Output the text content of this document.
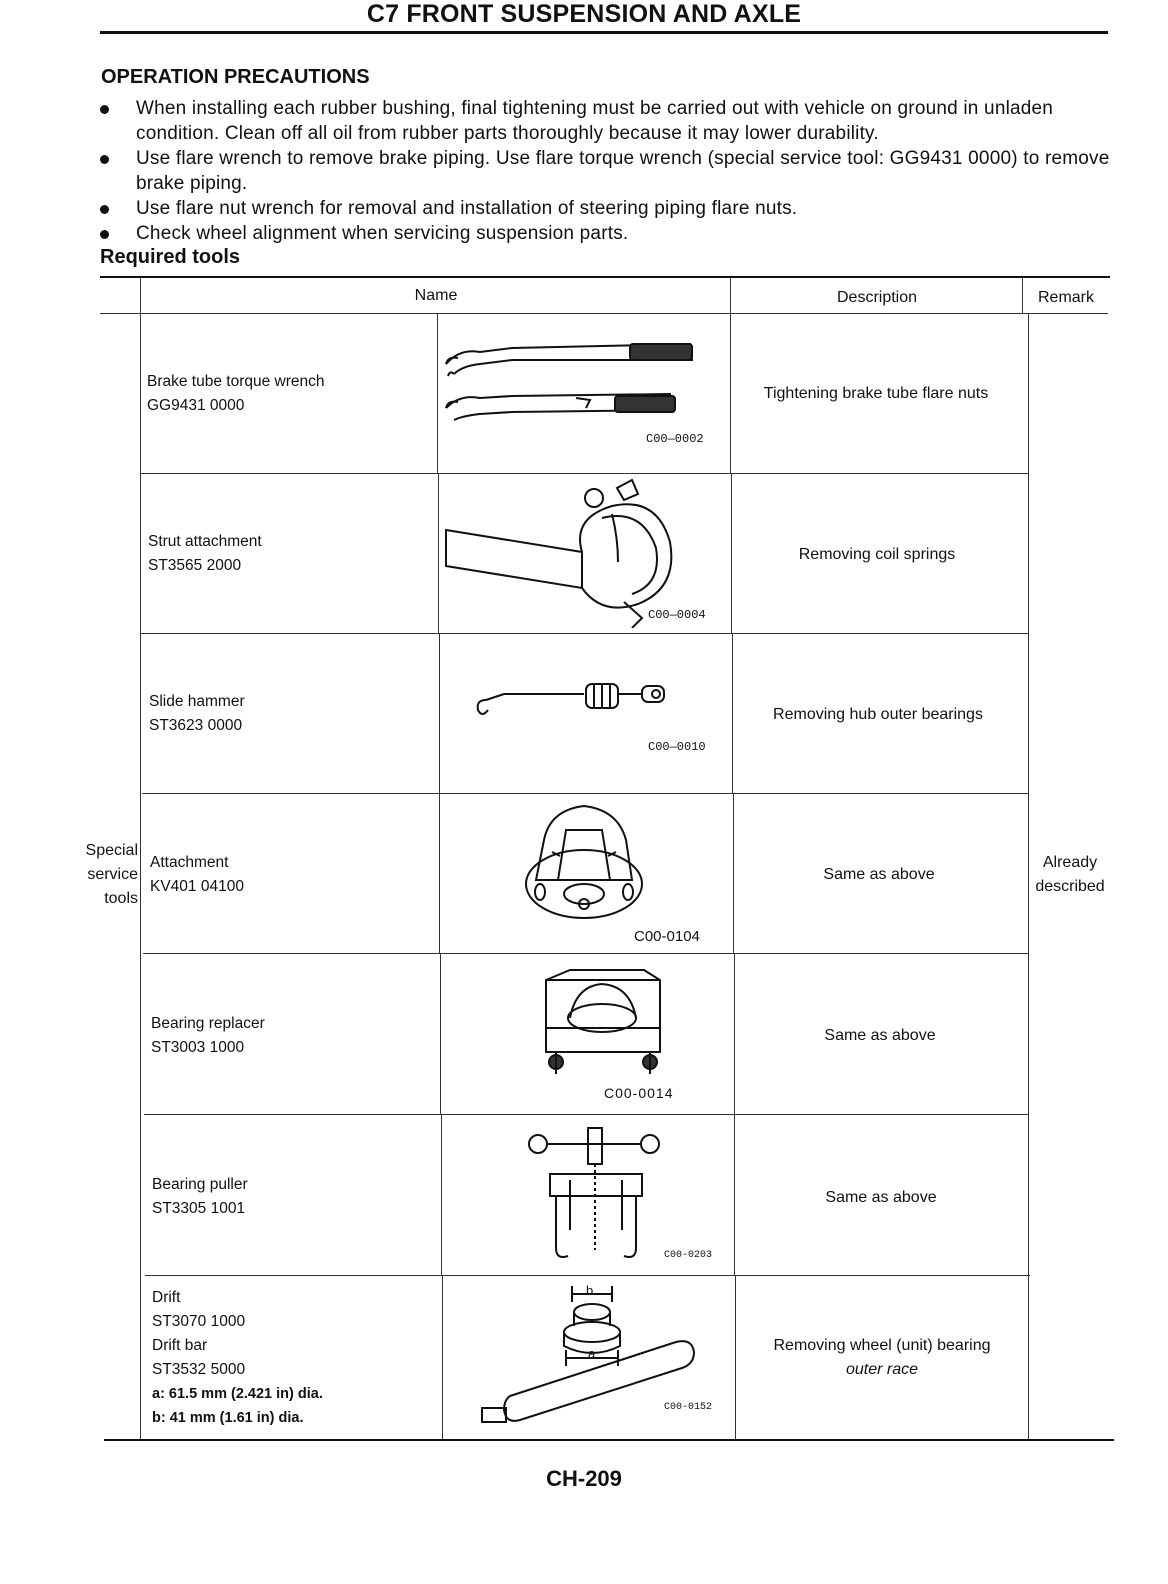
C7 FRONT SUSPENSION AND AXLE
OPERATION PRECAUTIONS
When installing each rubber bushing, final tightening must be carried out with vehicle on ground in unladen condition. Clean off all oil from rubber parts thoroughly because it may lower durability.
Use flare wrench to remove brake piping. Use flare torque wrench (special service tool: GG9431 0000) to remove brake piping.
Use flare nut wrench for removal and installation of steering piping flare nuts.
Check wheel alignment when servicing suspension parts.
Required tools
Name	Description	Remark
Special
service
tools
Already
described
Brake tube torque wrench
GG9431 0000
C00—0002
Tightening brake tube flare nuts
Strut attachment
ST3565 2000
C00—0004
Removing coil springs
Slide hammer
ST3623 0000
C00—0010
Removing hub outer bearings
Attachment
KV401 04100
C00-0104
Same as above
Bearing replacer
ST3003 1000
C00-0014
Same as above
Bearing puller
ST3305 1001
C00-0203
Same as above
Drift
ST3070 1000
Drift bar
ST3532 5000
a: 61.5 mm (2.421 in) dia.
b: 41 mm (1.61 in) dia.
b
a
C00-0152
Removing wheel (unit) bearing
outer race
CH-209
